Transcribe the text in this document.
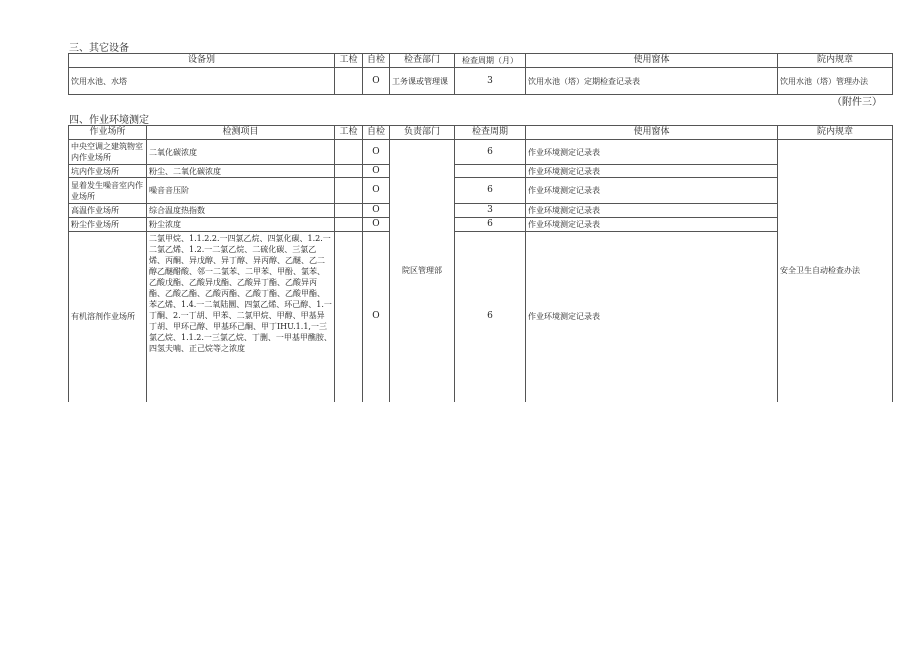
三、其它设备
设备别	工检	自检	检查部门	检查周期（月）	使用窗体	院内规章
饮用水池、水塔		O	工务课或管理课	3	饮用水池（塔）定期检查记录表	饮用水池（塔）管理办法
（附件三）
四、作业环境测定
作业场所	检测项目	工检	自检	负责部门	检查周期	使用窗体	院内规章
中央空调之建筑物室内作业场所	二氧化碳浓度		O	院区管理部	6	作业环境测定记录表	安全卫生自动检查办法
坑内作业场所	粉尘、二氧化碳浓度		O			作业环境测定记录表	
显着发生噪音室内作业场所	噪音音压阶		O		6	作业环境测定记录表	
高温作业场所	综合温度热指数		O		3	作业环境测定记录表	
粉尘作业场所	粉尘浓度		O		6	作业环境测定记录表	
有机溶剂作业场所	二氯甲烷、1.1.2.2.一四氯乙烷、四氯化碳、1.2.一二氯乙烯、1.2.一二氯乙烷、二硫化碳、三氯乙烯、丙酮、异戊醇、异丁醇、异丙醇、乙醚、乙二醇乙醚醋酸、邻一二氯苯、二甲苯、甲酚、氯苯、乙酸戊酯、乙酸异戊酯、乙酸异丁酯、乙酸异丙酯、乙酸乙酯、乙酸丙酯、乙酸丁酯、乙酸甲酯、苯乙烯、1.4.一二氧陆圜、四氯乙烯、环己醇、1.一丁酮、2.一丁胡、甲苯、二氯甲烷、甲醇、甲基异丁胡、甲环己醇、甲基环己酮、甲丁IHU.1.1,一三氯乙烷、1.1.2.一三氯乙烷、丁删、一甲基甲醮胺、四氢夫喃、正己烷等之浓度		O		6	作业环境测定记录表	
